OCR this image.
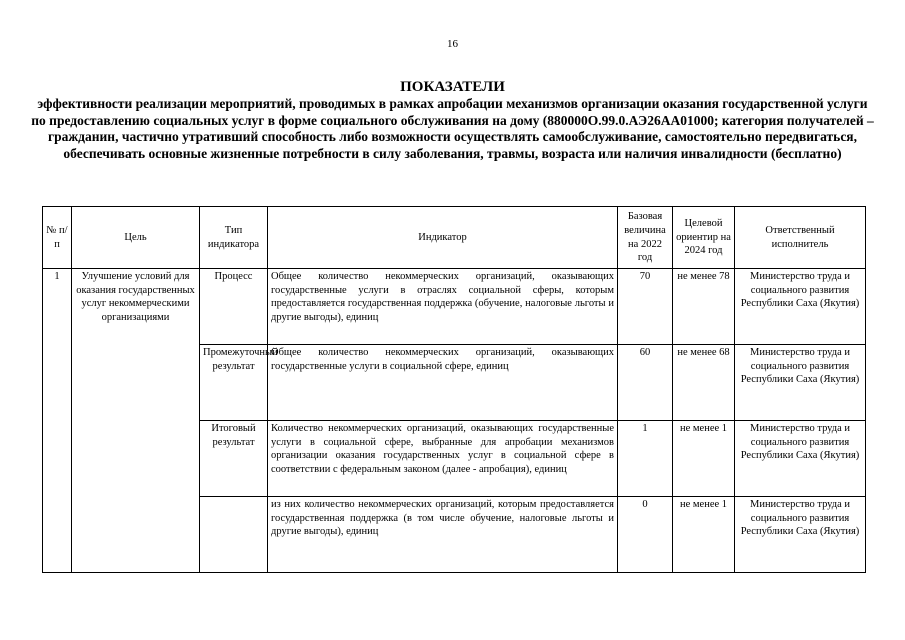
16
ПОКАЗАТЕЛИ
эффективности реализации мероприятий, проводимых в рамках апробации механизмов организации оказания государственной услуги по предоставлению социальных услуг в форме социального обслуживания на дому (880000О.99.0.АЭ26АА01000; категория получателей – гражданин, частично утративший способность либо возможности осуществлять самообслуживание, самостоятельно передвигаться, обеспечивать основные жизненные потребности в силу заболевания, травмы, возраста или наличия инвалидности (бесплатно)
№ п/п	Цель	Тип индикатора	Индикатор	Базовая величина на 2022 год	Целевой ориентир на 2024 год	Ответственный исполнитель
1	Улучшение условий для оказания государственных услуг некоммерческими организациями	Процесс	Общее количество некоммерческих организаций, оказывающих государственные услуги в отраслях социальной сферы, которым предоставляется государственная поддержка (обучение, налоговые льготы и другие выгоды), единиц	70	не менее 78	Министерство труда и социального развития Республики Саха (Якутия)
		Промежуточный результат	Общее количество некоммерческих организаций, оказывающих государственные услуги в социальной сфере, единиц	60	не менее 68	Министерство труда и социального развития Республики Саха (Якутия)
		Итоговый результат	Количество некоммерческих организаций, оказывающих государственные услуги в социальной сфере, выбранные для апробации механизмов организации оказания государственных услуг в социальной сфере в соответствии с федеральным законом (далее - апробация), единиц	1	не менее 1	Министерство труда и социального развития Республики Саха (Якутия)
			из них количество некоммерческих организаций, которым предоставляется государственная поддержка (в том числе обучение, налоговые льготы и другие выгоды), единиц	0	не менее 1	Министерство труда и социального развития Республики Саха (Якутия)
